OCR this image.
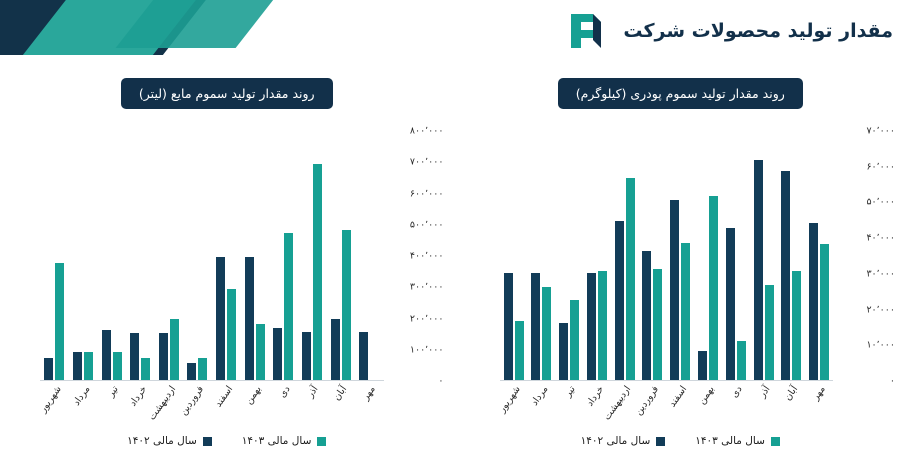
مقدار تولید محصولات شرکت
روند مقدار تولید سموم پودری (کیلوگرم)
۰
۱۰٬۰۰۰
۲۰٬۰۰۰
۳۰٬۰۰۰
۴۰٬۰۰۰
۵۰٬۰۰۰
۶۰٬۰۰۰
۷۰٬۰۰۰
مهر
آبان
آذر
دی
بهمن
اسفند
فروردین
اردیبهشت
خرداد
تیر
مرداد
شهریور
سال مالی ۱۴۰۳
سال مالی ۱۴۰۲
روند مقدار تولید سموم مایع (لیتر)
۰
۱۰۰٬۰۰۰
۲۰۰٬۰۰۰
۳۰۰٬۰۰۰
۴۰۰٬۰۰۰
۵۰۰٬۰۰۰
۶۰۰٬۰۰۰
۷۰۰٬۰۰۰
۸۰۰٬۰۰۰
مهر
آبان
آذر
دی
بهمن
اسفند
فروردین
اردیبهشت
خرداد
تیر
مرداد
شهریور
سال مالی ۱۴۰۳
سال مالی ۱۴۰۲
